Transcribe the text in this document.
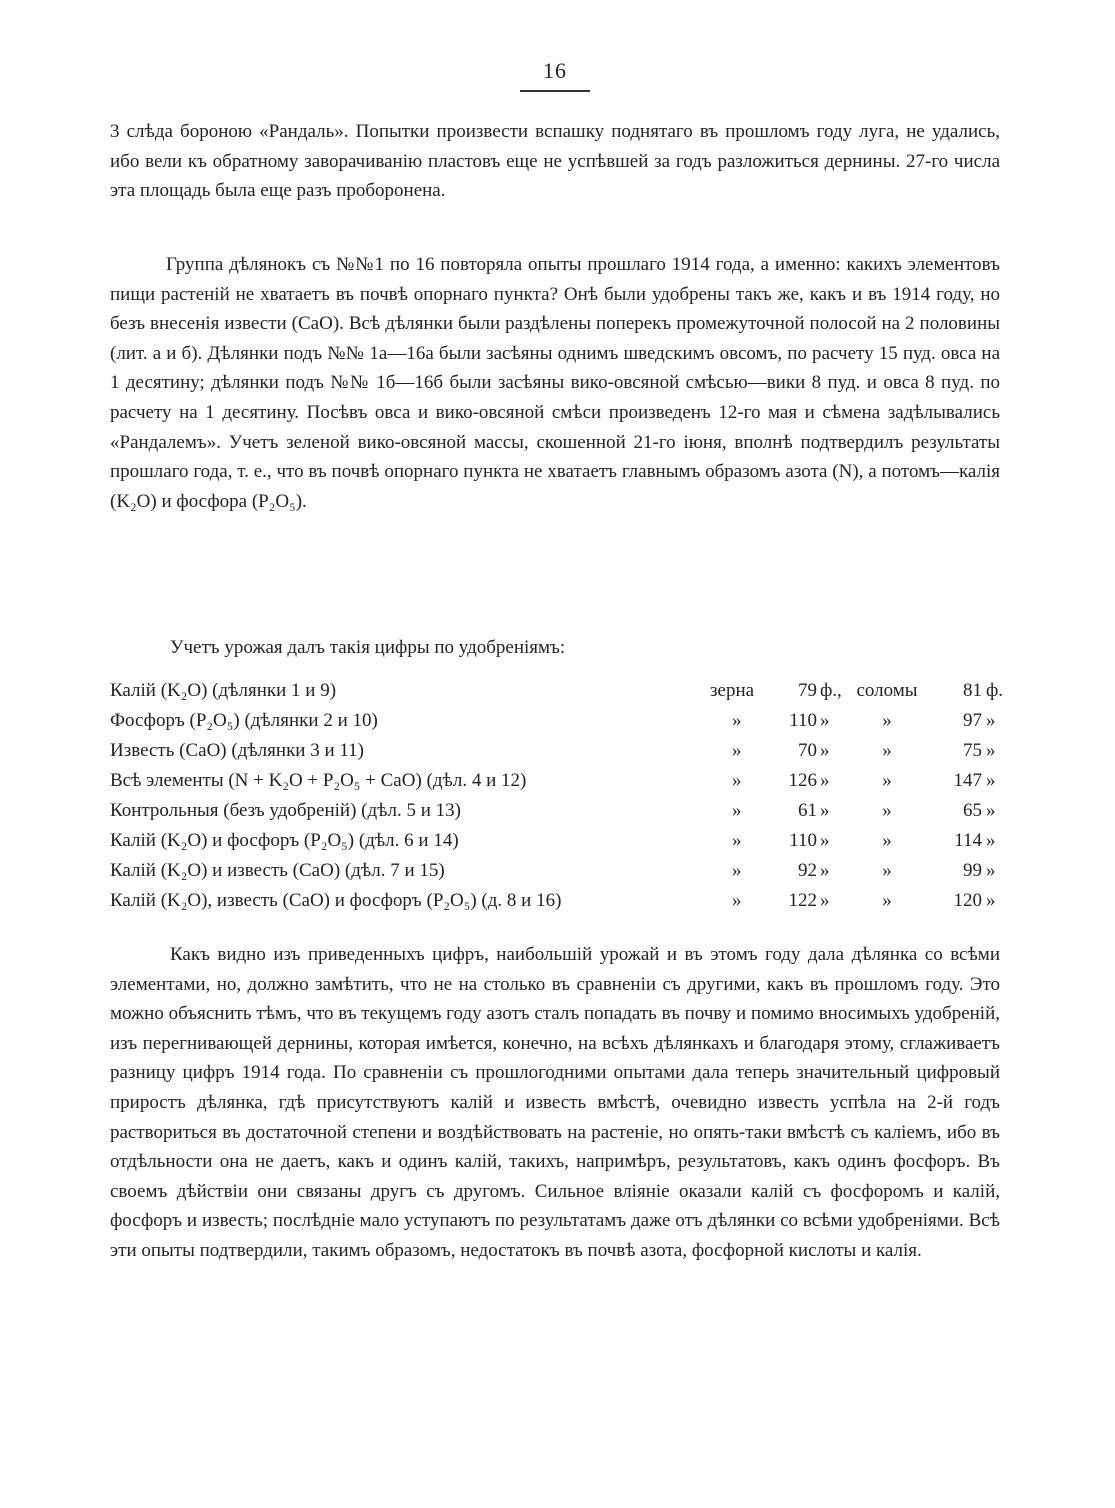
16

3 слѣда бороною «Рандаль». Попытки произвести вспашку поднятаго въ прошломъ году луга, не удались, ибо вели къ обратному заворачиванію пластовъ еще не успѣвшей за годъ разложиться дернины. 27-го числа эта площадь была еще разъ проборонена.

Группа дѣлянокъ съ №№1 по 16 повторяла опыты прошлаго 1914 года, а именно: какихъ элементовъ пищи растеній не хватаетъ въ почвѣ опорнаго пункта? Онѣ были удобрены такъ же, какъ и въ 1914 году, но безъ внесенія извести (СаО). Всѣ дѣлянки были раздѣлены поперекъ промежуточной полосой на 2 половины (лит. а и б). Дѣлянки подъ №№ 1а—16а были засѣяны однимъ шведскимъ овсомъ, по расчету 15 пуд. овса на 1 десятину; дѣлянки подъ №№ 1б—16б были засѣяны вико-овсяной смѣсью—вики 8 пуд. и овса 8 пуд. по расчету на 1 десятину. Посѣвъ овса и вико-овсяной смѣси произведенъ 12-го мая и сѣмена задѣлывались «Рандалемъ». Учетъ зеленой вико-овсяной массы, скошенной 21-го іюня, вполнѣ подтвердилъ результаты прошлаго года, т. е., что въ почвѣ опорнаго пункта не хватаетъ главнымъ образомъ азота (N), а потомъ—калія (K₂O) и фосфора (P₂O₅).

Учетъ урожая далъ такія цифры по удобреніямъ:
Калій (K₂O) (дѣлянки 1 и 9)	зерна	79 ф., соломы	81 ф.
Фосфоръ (P₂O₅) (дѣлянки 2 и 10)	»	110 »	»	97 »
Известь (СаО) (дѣлянки 3 и 11)	»	70 »	»	75 »
Всѣ элементы (N + K₂O + P₂O₅ + СаО) (дѣл. 4 и 12)	»	126 »	»	147 »
Контрольныя (безъ удобреній) (дѣл. 5 и 13)	»	61 »	»	65 »
Калій (K₂O) и фосфоръ (P₂O₅) (дѣл. 6 и 14)	»	110 »	»	114 »
Калій (K₂O) и известь (СаО) (дѣл. 7 и 15)	»	92 »	»	99 »
Калій (K₂O), известь (СаО) и фосфоръ (P₂O₅) (д. 8 и 16)	»	122 »	»	120 »

Какъ видно изъ приведенныхъ цифръ, наибольшій урожай и въ этомъ году дала дѣлянка со всѣми элементами, но, должно замѣтить, что не на столько въ сравненіи съ другими, какъ въ прошломъ году. Это можно объяснить тѣмъ, что въ текущемъ году азотъ сталъ попадать въ почву и помимо вносимыхъ удобреній, изъ перегнивающей дернины, которая имѣется, конечно, на всѣхъ дѣлянкахъ и благодаря этому, сглаживаетъ разницу цифръ 1914 года. По сравненіи съ прошлогодними опытами дала теперь значительный цифровый приростъ дѣлянка, гдѣ присутствуютъ калій и известь вмѣстѣ, очевидно известь успѣла на 2-й годъ раствориться въ достаточной степени и воздѣйствовать на растеніе, но опять-таки вмѣстѣ съ каліемъ, ибо въ отдѣльности она не даетъ, какъ и одинъ калій, такихъ, напримѣръ, результатовъ, какъ одинъ фосфоръ. Въ своемъ дѣйствіи они связаны другъ съ другомъ. Сильное вліяніе оказали калій съ фосфоромъ и калій, фосфоръ и известь; послѣдніе мало уступаютъ по результатамъ даже отъ дѣлянки со всѣми удобреніями. Всѣ эти опыты подтвердили, такимъ образомъ, недостатокъ въ почвѣ азота, фосфорной кислоты и калія.
